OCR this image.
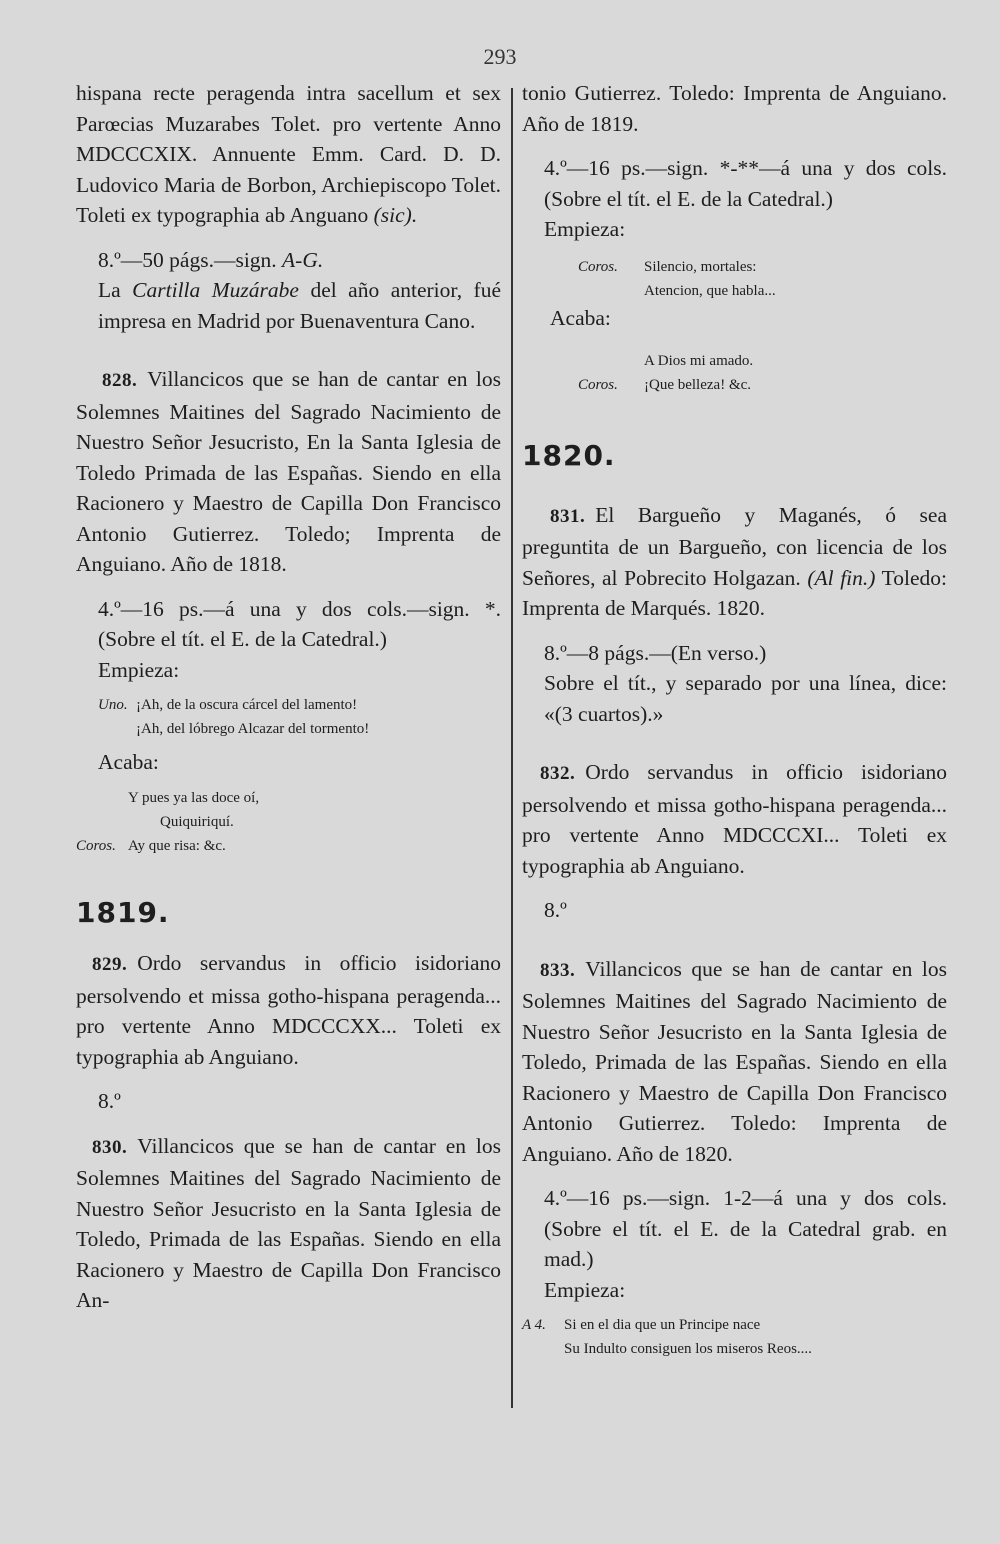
293

hispana recte peragenda intra sacellum et sex Parœcias Muzarabes Tolet. pro vertente Anno MDCCCXIX. Annuente Emm. Card. D. D. Ludovico Maria de Borbon, Archiepiscopo Tolet. Toleti ex typographia ab Anguano (sic).

8.º—50 págs.—sign. A-G.

La Cartilla Muzárabe del año anterior, fué impresa en Madrid por Buenaventura Cano.

828. Villancicos que se han de cantar en los Solemnes Maitines del Sagrado Nacimiento de Nuestro Señor Jesucristo, En la Santa Iglesia de Toledo Primada de las Españas. Siendo en ella Racionero y Maestro de Capilla Don Francisco Antonio Gutierrez. Toledo; Imprenta de Anguiano. Año de 1818.

4.º—16 ps.—á una y dos cols.—sign. *. (Sobre el tít. el E. de la Catedral.)

Empieza:

Uno. ¡Ah, de la oscura cárcel del lamento!

¡Ah, del lóbrego Alcazar del tormento!

Acaba:

Y pues ya las doce oí,

Quiquiriquí.

Coros. Ay que risa: &c.

1819.

829. Ordo servandus in officio isidoriano persolvendo et missa gotho-hispana peragenda... pro vertente Anno MDCCCXX... Toleti ex typographia ab Anguiano.

8.º

830. Villancicos que se han de cantar en los Solemnes Maitines del Sagrado Nacimiento de Nuestro Señor Jesucristo en la Santa Iglesia de Toledo, Primada de las Españas. Siendo en ella Racionero y Maestro de Capilla Don Francisco An-

tonio Gutierrez. Toledo: Imprenta de Anguiano. Año de 1819.

4.º—16 ps.—sign. *-**—á una y dos cols. (Sobre el tít. el E. de la Catedral.)

Empieza:

Coros. Silencio, mortales:

Atencion, que habla...

Acaba:

A Dios mi amado.

Coros. ¡Que belleza! &c.

1820.

831. El Bargueño y Maganés, ó sea preguntita de un Bargueño, con licencia de los Señores, al Pobrecito Holgazan. (Al fin.) Toledo: Imprenta de Marqués. 1820.

8.º—8 págs.—(En verso.)

Sobre el tít., y separado por una línea, dice: «(3 cuartos).»

832. Ordo servandus in officio isidoriano persolvendo et missa gotho-hispana peragenda... pro vertente Anno MDCCCXI... Toleti ex typographia ab Anguiano.

8.º

833. Villancicos que se han de cantar en los Solemnes Maitines del Sagrado Nacimiento de Nuestro Señor Jesucristo en la Santa Iglesia de Toledo, Primada de las Españas. Siendo en ella Racionero y Maestro de Capilla Don Francisco Antonio Gutierrez. Toledo: Imprenta de Anguiano. Año de 1820.

4.º—16 ps.—sign. 1-2—á una y dos cols. (Sobre el tít. el E. de la Catedral grab. en mad.)

Empieza:

A 4. Si en el dia que un Principe nace

Su Indulto consiguen los miseros Reos....
